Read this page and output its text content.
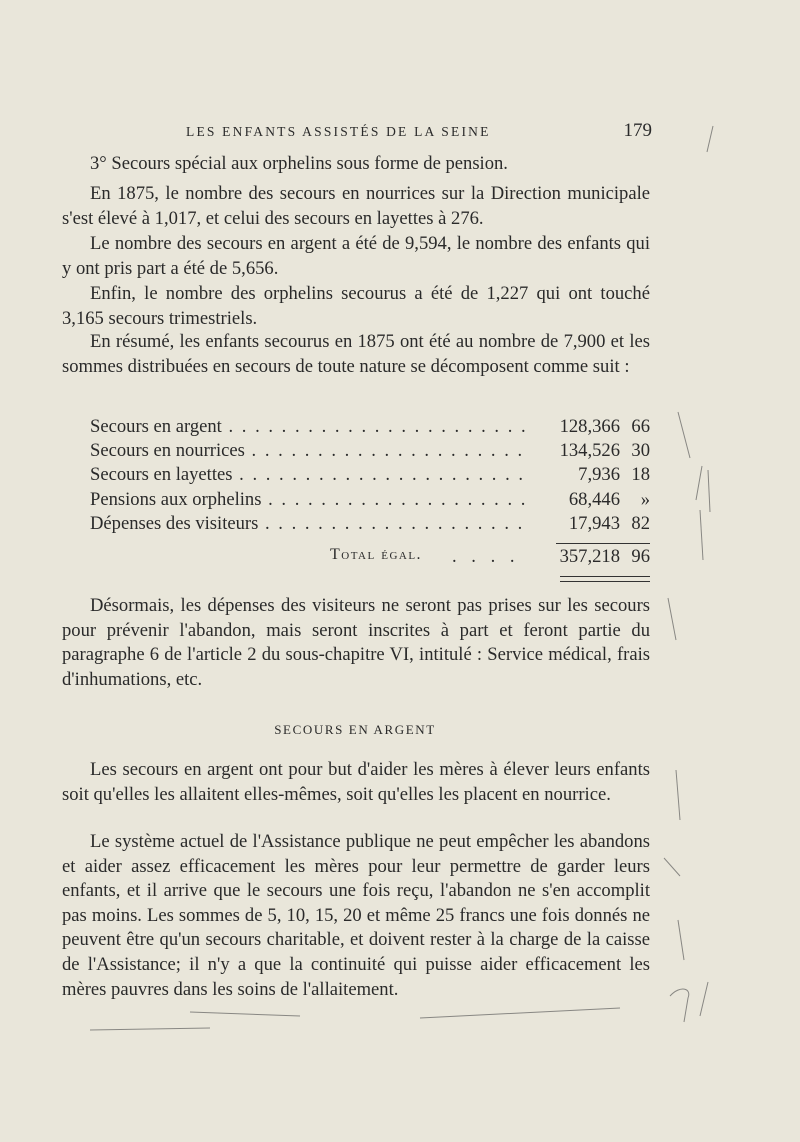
LES ENFANTS ASSISTÉS DE LA SEINE	179

3° Secours spécial aux orphelins sous forme de pension.

En 1875, le nombre des secours en nourrices sur la Direction municipale s'est élevé à 1,017, et celui des secours en layettes à 276.

Le nombre des secours en argent a été de 9,594, le nombre des enfants qui y ont pris part a été de 5,656.

Enfin, le nombre des orphelins secourus a été de 1,227 qui ont touché 3,165 secours trimestriels.

En résumé, les enfants secourus en 1875 ont été au nombre de 7,900 et les sommes distribuées en secours de toute nature se décomposent comme suit :

Secours en argent . . .	128,366 66
Secours en nourrices . . .	134,526 30
Secours en layettes . . .	7,936 18
Pensions aux orphelins . . .	68,446	»
Dépenses des visiteurs . . .	17,943 82
Total égal. . . . . 357,218 96

Désormais, les dépenses des visiteurs ne seront pas prises sur les secours pour prévenir l'abandon, mais seront inscrites à part et feront partie du paragraphe 6 de l'article 2 du sous-chapitre VI, intitulé : Service médical, frais d'inhumations, etc.

SECOURS EN ARGENT

Les secours en argent ont pour but d'aider les mères à élever leurs enfants soit qu'elles les allaitent elles-mêmes, soit qu'elles les placent en nourrice.

Le système actuel de l'Assistance publique ne peut empêcher les abandons et aider assez efficacement les mères pour leur permettre de garder leurs enfants, et il arrive que le secours une fois reçu, l'abandon ne s'en accomplit pas moins. Les sommes de 5, 10, 15, 20 et même 25 francs une fois donnés ne peuvent être qu'un secours charitable, et doivent rester à la charge de la caisse de l'Assistance; il n'y a que la continuité qui puisse aider efficacement les mères pauvres dans les soins de l'allaitement.
